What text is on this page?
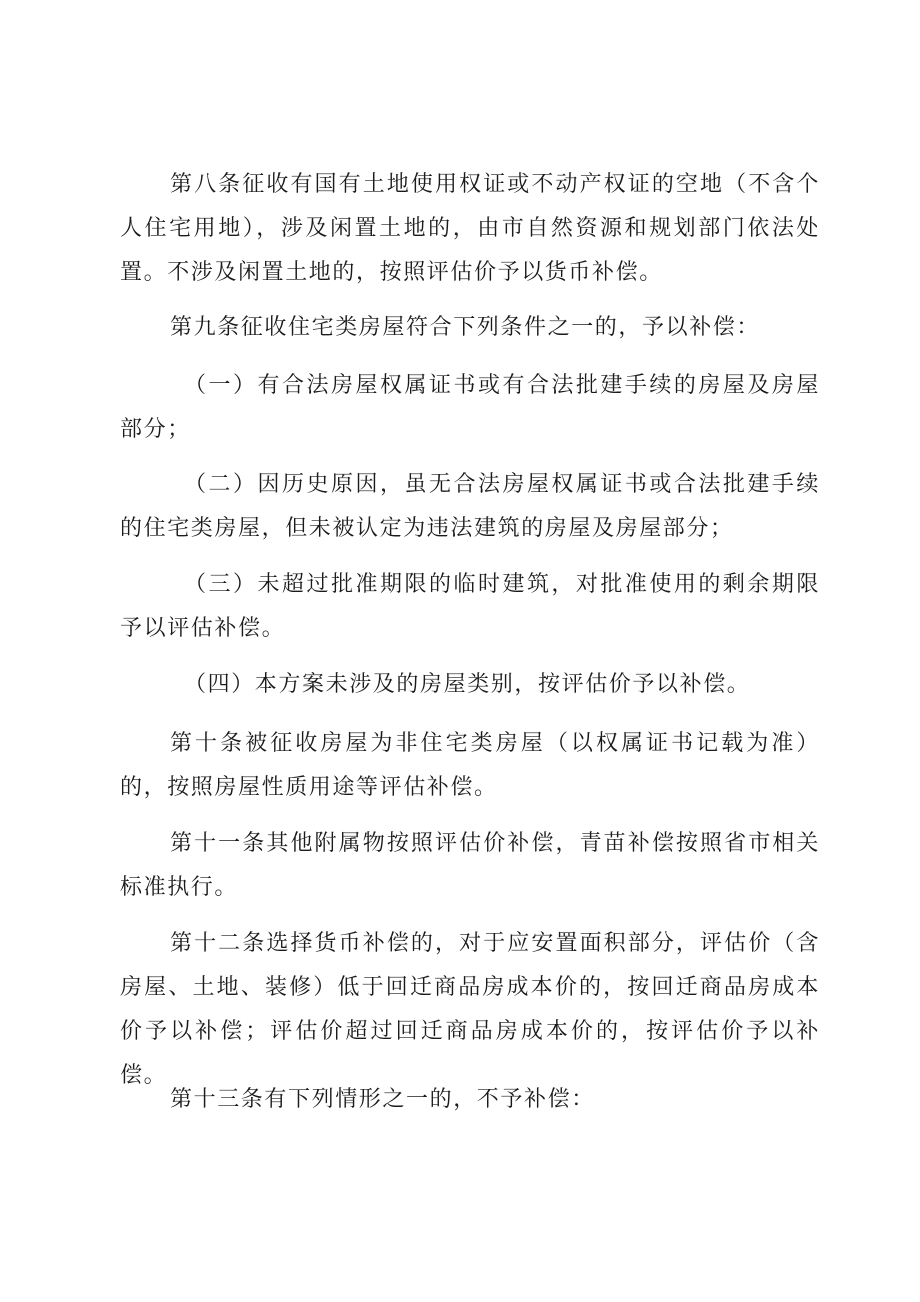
第八条征收有国有土地使用权证或不动产权证的空地（不含个人住宅用地），涉及闲置土地的，由市自然资源和规划部门依法处置。不涉及闲置土地的，按照评估价予以货币补偿。

第九条征收住宅类房屋符合下列条件之一的，予以补偿：

（一）有合法房屋权属证书或有合法批建手续的房屋及房屋部分；

（二）因历史原因，虽无合法房屋权属证书或合法批建手续的住宅类房屋，但未被认定为违法建筑的房屋及房屋部分；

（三）未超过批准期限的临时建筑，对批准使用的剩余期限予以评估补偿。

（四）本方案未涉及的房屋类别，按评估价予以补偿。

第十条被征收房屋为非住宅类房屋（以权属证书记载为准）的，按照房屋性质用途等评估补偿。

第十一条其他附属物按照评估价补偿，青苗补偿按照省市相关标准执行。

第十二条选择货币补偿的，对于应安置面积部分，评估价（含房屋、土地、装修）低于回迁商品房成本价的，按回迁商品房成本价予以补偿；评估价超过回迁商品房成本价的，按评估价予以补偿。

第十三条有下列情形之一的，不予补偿：
